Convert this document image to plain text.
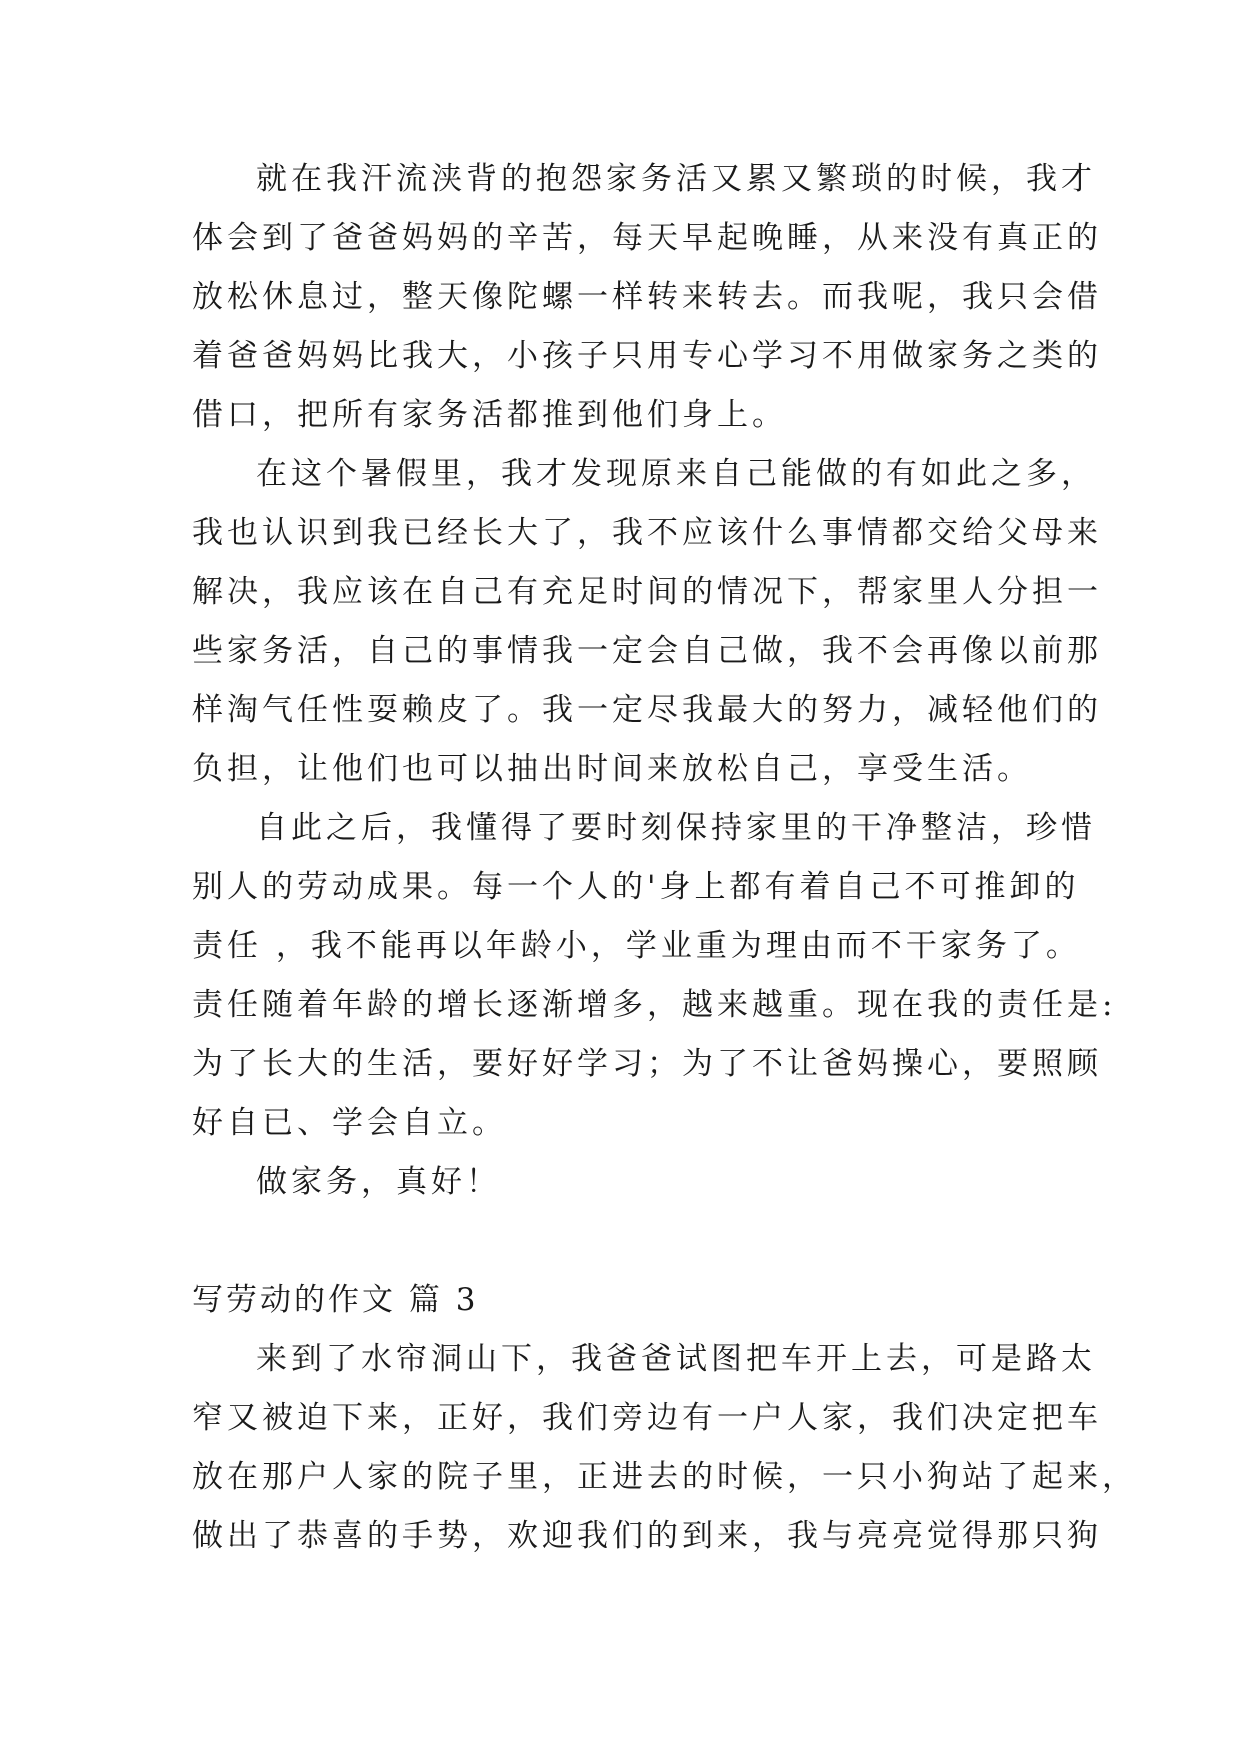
就在我汗流浃背的抱怨家务活又累又繁琐的时候，我才
体会到了爸爸妈妈的辛苦，每天早起晚睡，从来没有真正的
放松休息过，整天像陀螺一样转来转去。而我呢，我只会借
着爸爸妈妈比我大，小孩子只用专心学习不用做家务之类的
借口，把所有家务活都推到他们身上。
在这个暑假里，我才发现原来自己能做的有如此之多，
我也认识到我已经长大了，我不应该什么事情都交给父母来
解决，我应该在自己有充足时间的情况下，帮家里人分担一
些家务活，自己的事情我一定会自己做，我不会再像以前那
样淘气任性耍赖皮了。我一定尽我最大的努力，减轻他们的
负担，让他们也可以抽出时间来放松自己，享受生活。
自此之后，我懂得了要时刻保持家里的干净整洁，珍惜
别人的劳动成果。每一个人的'身上都有着自己不可推卸的
责任 ，我不能再以年龄小，学业重为理由而不干家务了。
责任随着年龄的增长逐渐增多，越来越重。现在我的责任是:
为了长大的生活，要好好学习；为了不让爸妈操心，要照顾
好自已、学会自立。
做家务，真好！
写劳动的作文 篇 3
来到了水帘洞山下，我爸爸试图把车开上去，可是路太
窄又被迫下来，正好，我们旁边有一户人家，我们决定把车
放在那户人家的院子里，正进去的时候，一只小狗站了起来，
做出了恭喜的手势，欢迎我们的到来，我与亮亮觉得那只狗
